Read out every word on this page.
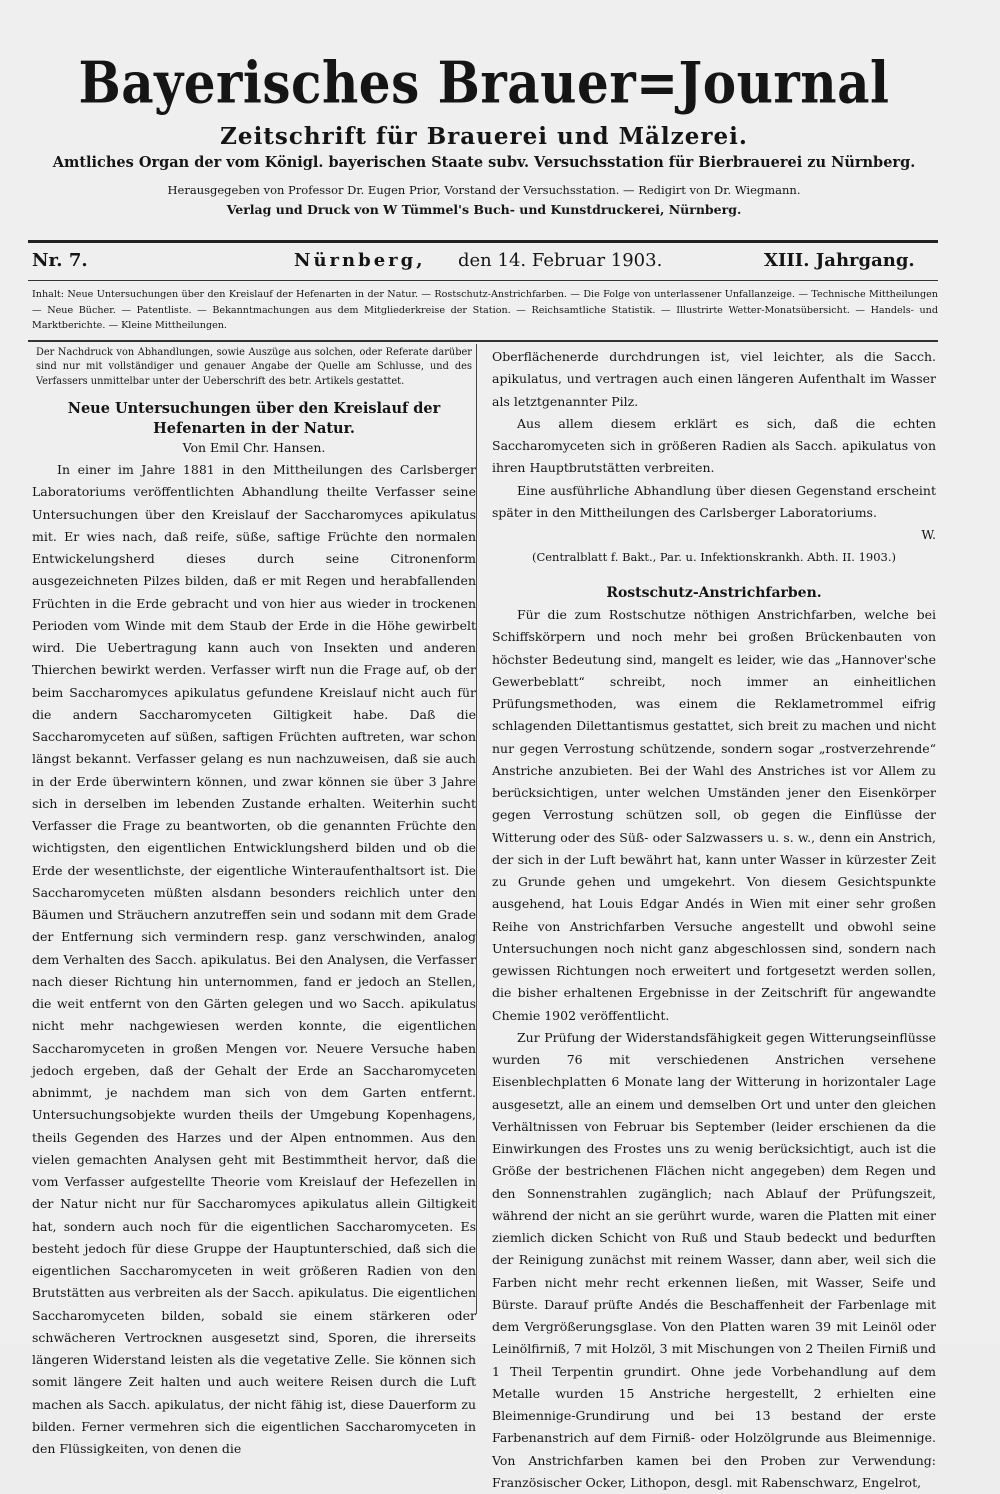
Bayerisches Brauer=Journal
Zeitschrift für Brauerei und Mälzerei.
Amtliches Organ der vom Königl. bayerischen Staate subv. Versuchsstation für Bierbrauerei zu Nürnberg.
Herausgegeben von Professor Dr. Eugen Prior, Vorstand der Versuchsstation. — Redigirt von Dr. Wiegmann.
Verlag und Druck von W Tümmel's Buch- und Kunstdruckerei, Nürnberg.
Nr. 7.	Nürnberg, den 14. Februar 1903.	XIII. Jahrgang.
Inhalt: Neue Untersuchungen über den Kreislauf der Hefenarten in der Natur. — Rostschutz-Anstrichfarben. — Die Folge von unterlassener Unfallanzeige. — Technische Mittheilungen — Neue Bücher. — Patentliste. — Bekanntmachungen aus dem Mitgliederkreise der Station. — Reichsamtliche Statistik. — Illustrirte Wetter-Monatsübersicht. — Handels- und Marktberichte. — Kleine Mittheilungen.
Der Nachdruck von Abhandlungen, sowie Auszüge aus solchen, oder Referate darüber sind nur mit vollständiger und genauer Angabe der Quelle am Schlusse, und des Verfassers unmittelbar unter der Ueberschrift des betr. Artikels gestattet.
Neue Untersuchungen über den Kreislauf der Hefenarten in der Natur.
Von Emil Chr. Hansen.

In einer im Jahre 1881 in den Mittheilungen des Carlsberger Laboratoriums veröffentlichten Abhandlung theilte Verfasser seine Untersuchungen über den Kreislauf der Saccharomyces apikulatus mit. Er wies nach, daß reife, süße, saftige Früchte den normalen Entwickelungsherd dieses durch seine Citronenform ausgezeichneten Pilzes bilden, daß er mit Regen und herabfallenden Früchten in die Erde gebracht und von hier aus wieder in trockenen Perioden vom Winde mit dem Staub der Erde in die Höhe gewirbelt wird. Die Uebertragung kann auch von Insekten und anderen Thierchen bewirkt werden. Verfasser wirft nun die Frage auf, ob der beim Saccharomyces apikulatus gefundene Kreislauf nicht auch für die andern Saccharomyceten Giltigkeit habe. Daß die Saccharomyceten auf süßen, saftigen Früchten auftreten, war schon längst bekannt. Verfasser gelang es nun nachzuweisen, daß sie auch in der Erde überwintern können, und zwar können sie über 3 Jahre sich in derselben im lebenden Zustande erhalten. Weiterhin sucht Verfasser die Frage zu beantworten, ob die genannten Früchte den wichtigsten, den eigentlichen Entwicklungsherd bilden und ob die Erde der wesentlichste, der eigentliche Winteraufenthaltsort ist. Die Saccharomyceten müßten alsdann besonders reichlich unter den Bäumen und Sträuchern anzutreffen sein und sodann mit dem Grade der Entfernung sich vermindern resp. ganz verschwinden, analog dem Verhalten des Sacch. apikulatus. Bei den Analysen, die Verfasser nach dieser Richtung hin unternommen, fand er jedoch an Stellen, die weit entfernt von den Gärten gelegen und wo Sacch. apikulatus nicht mehr nachgewiesen werden konnte, die eigentlichen Saccharomyceten in großen Mengen vor. Neuere Versuche haben jedoch ergeben, daß der Gehalt der Erde an Saccharomyceten abnimmt, je nachdem man sich von dem Garten entfernt. Untersuchungsobjekte wurden theils der Umgebung Kopenhagens, theils Gegenden des Harzes und der Alpen entnommen. Aus den vielen gemachten Analysen geht mit Bestimmtheit hervor, daß die vom Verfasser aufgestellte Theorie vom Kreislauf der Hefezellen in der Natur nicht nur für Saccharomyces apikulatus allein Giltigkeit hat, sondern auch noch für die eigentlichen Saccharomyceten. Es besteht jedoch für diese Gruppe der Hauptunterschied, daß sich die eigentlichen Saccharomyceten in weit größeren Radien von den Brutstätten aus verbreiten als der Sacch. apikulatus. Die eigentlichen Saccharomyceten bilden, sobald sie einem stärkeren oder schwächeren Vertrocknen ausgesetzt sind, Sporen, die ihrerseits längeren Widerstand leisten als die vegetative Zelle. Sie können sich somit längere Zeit halten und auch weitere Reisen durch die Luft machen als Sacch. apikulatus, der nicht fähig ist, diese Dauerform zu bilden. Ferner vermehren sich die eigentlichen Saccharomyceten in den Flüssigkeiten, von denen die

Oberflächenerde durchdrungen ist, viel leichter, als die Sacch. apikulatus, und vertragen auch einen längeren Aufenthalt im Wasser als letztgenannter Pilz.

Aus allem diesem erklärt es sich, daß die echten Saccharomyceten sich in größeren Radien als Sacch. apikulatus von ihren Hauptbrutstätten verbreiten.

Eine ausführliche Abhandlung über diesen Gegenstand erscheint später in den Mittheilungen des Carlsberger Laboratoriums.

W.
(Centralblatt f. Bakt., Par. u. Infektionskrankh. Abth. II. 1903.)
Rostschutz-Anstrichfarben.

Für die zum Rostschutze nöthigen Anstrichfarben, welche bei Schiffskörpern und noch mehr bei großen Brückenbauten von höchster Bedeutung sind, mangelt es leider, wie das „Hannover'sche Gewerbeblatt“ schreibt, noch immer an einheitlichen Prüfungsmethoden, was einem die Reklametrommel eifrig schlagenden Dilettantismus gestattet, sich breit zu machen und nicht nur gegen Verrostung schützende, sondern sogar „rostverzehrende“ Anstriche anzubieten. Bei der Wahl des Anstriches ist vor Allem zu berücksichtigen, unter welchen Umständen jener den Eisenkörper gegen Verrostung schützen soll, ob gegen die Einflüsse der Witterung oder des Süß- oder Salzwassers u. s. w., denn ein Anstrich, der sich in der Luft bewährt hat, kann unter Wasser in kürzester Zeit zu Grunde gehen und umgekehrt. Von diesem Gesichtspunkte ausgehend, hat Louis Edgar Andés in Wien mit einer sehr großen Reihe von Anstrichfarben Versuche angestellt und obwohl seine Untersuchungen noch nicht ganz abgeschlossen sind, sondern nach gewissen Richtungen noch erweitert und fortgesetzt werden sollen, die bisher erhaltenen Ergebnisse in der Zeitschrift für angewandte Chemie 1902 veröffentlicht.

Zur Prüfung der Widerstandsfähigkeit gegen Witterungseinflüsse wurden 76 mit verschiedenen Anstrichen versehene Eisenblechplatten 6 Monate lang der Witterung in horizontaler Lage ausgesetzt, alle an einem und demselben Ort und unter den gleichen Verhältnissen von Februar bis September (leider erschienen da die Einwirkungen des Frostes uns zu wenig berücksichtigt, auch ist die Größe der bestrichenen Flächen nicht angegeben) dem Regen und den Sonnenstrahlen zugänglich; nach Ablauf der Prüfungszeit, während der nicht an sie gerührt wurde, waren die Platten mit einer ziemlich dicken Schicht von Ruß und Staub bedeckt und bedurften der Reinigung zunächst mit reinem Wasser, dann aber, weil sich die Farben nicht mehr recht erkennen ließen, mit Wasser, Seife und Bürste. Darauf prüfte Andés die Beschaffenheit der Farbenlage mit dem Vergrößerungsglase. Von den Platten waren 39 mit Leinöl oder Leinölfirniß, 7 mit Holzöl, 3 mit Mischungen von 2 Theilen Firniß und 1 Theil Terpentin grundirt. Ohne jede Vorbehandlung auf dem Metalle wurden 15 Anstriche hergestellt, 2 erhielten eine Bleimennige-Grundirung und bei 13 bestand der erste Farbenanstrich auf dem Firniß- oder Holzölgrunde aus Bleimennige. Von Anstrichfarben kamen bei den Proben zur Verwendung: Französischer Ocker, Lithopon, desgl. mit Rabenschwarz, Engelrot,
